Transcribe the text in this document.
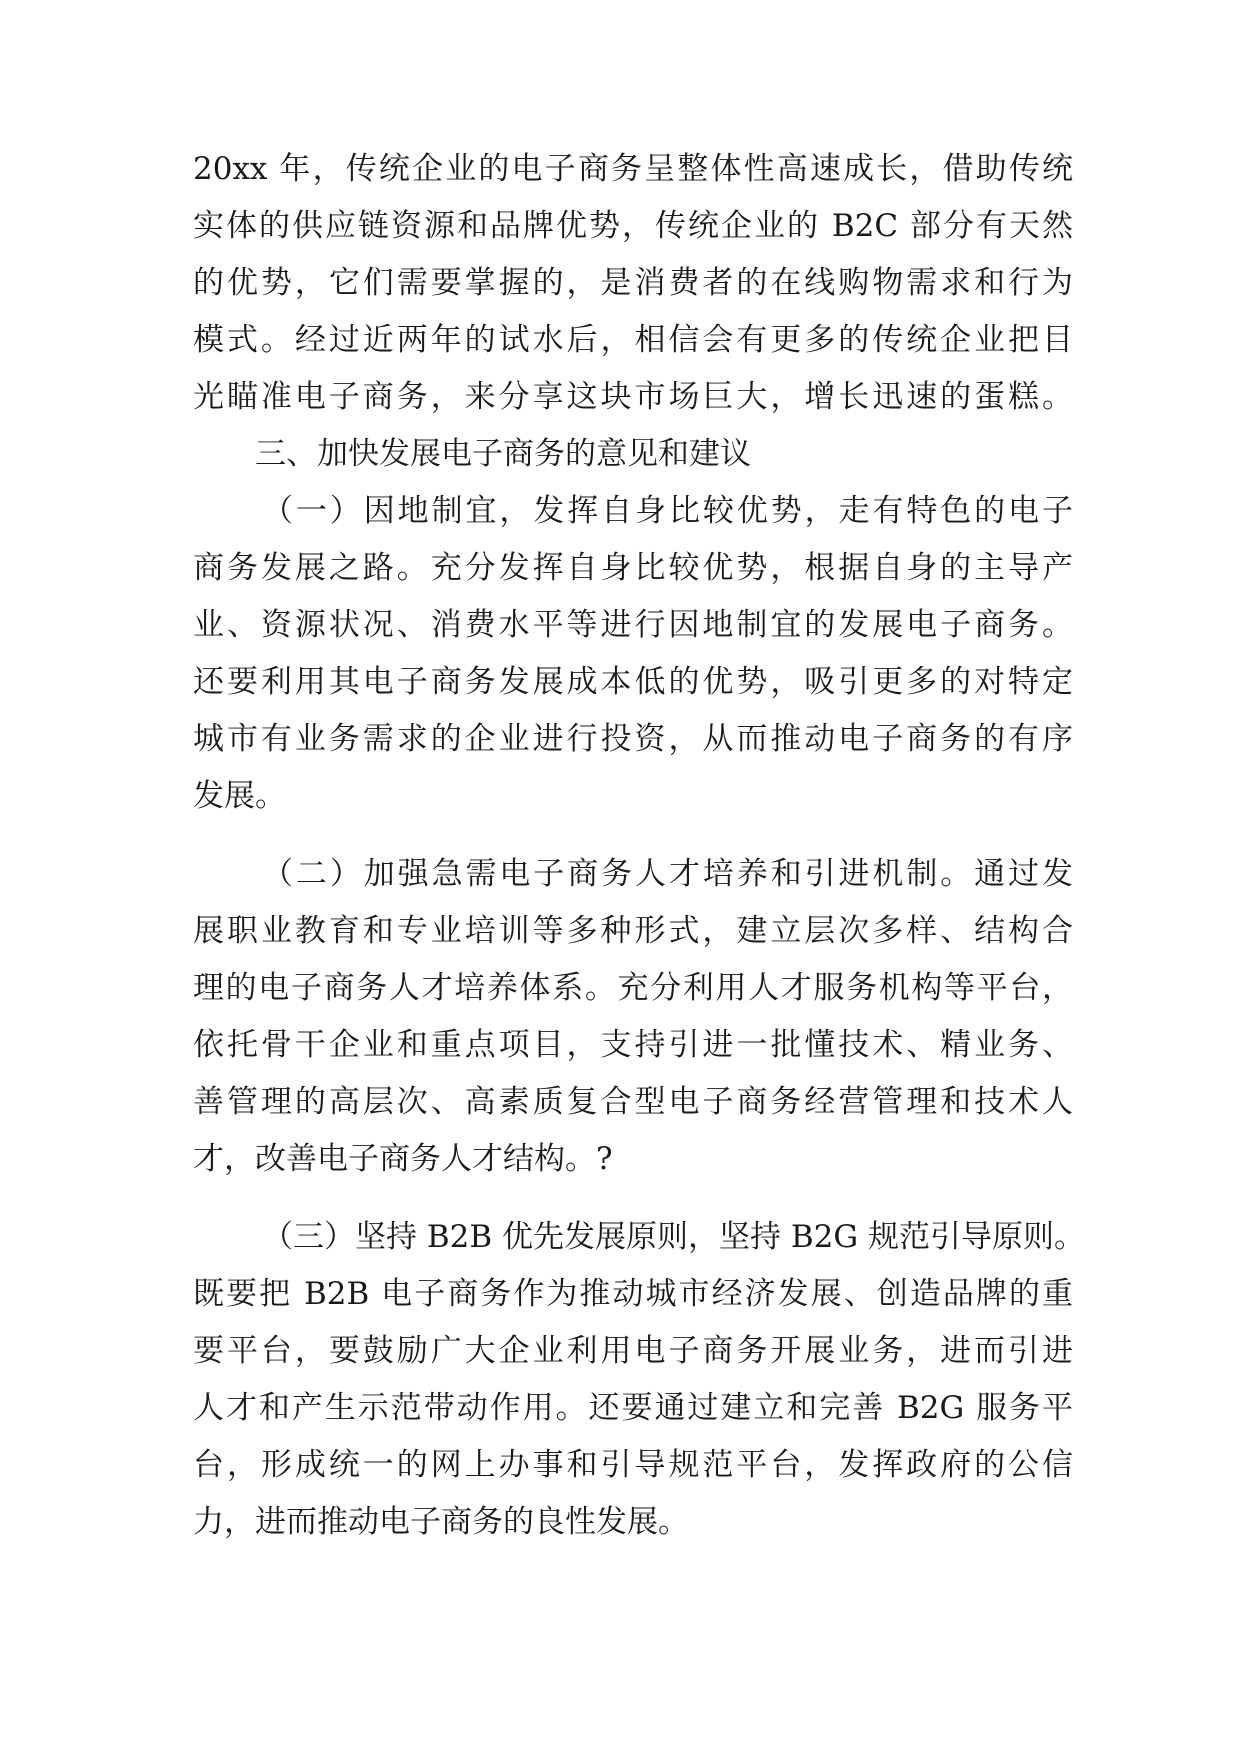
20xx 年，传统企业的电子商务呈整体性高速成长，借助传统
实体的供应链资源和品牌优势，传统企业的 B2C 部分有天然
的优势，它们需要掌握的，是消费者的在线购物需求和行为
模式。经过近两年的试水后，相信会有更多的传统企业把目
光瞄准电子商务，来分享这块市场巨大，增长迅速的蛋糕。
三、加快发展电子商务的意见和建议
（一）因地制宜，发挥自身比较优势，走有特色的电子
商务发展之路。充分发挥自身比较优势，根据自身的主导产
业、资源状况、消费水平等进行因地制宜的发展电子商务。
还要利用其电子商务发展成本低的优势，吸引更多的对特定
城市有业务需求的企业进行投资，从而推动电子商务的有序
发展。
（二）加强急需电子商务人才培养和引进机制。通过发
展职业教育和专业培训等多种形式，建立层次多样、结构合
理的电子商务人才培养体系。充分利用人才服务机构等平台，
依托骨干企业和重点项目，支持引进一批懂技术、精业务、
善管理的高层次、高素质复合型电子商务经营管理和技术人
才，改善电子商务人才结构。?
（三）坚持 B2B 优先发展原则，坚持 B2G 规范引导原则。
既要把 B2B 电子商务作为推动城市经济发展、创造品牌的重
要平台，要鼓励广大企业利用电子商务开展业务，进而引进
人才和产生示范带动作用。还要通过建立和完善 B2G 服务平
台，形成统一的网上办事和引导规范平台，发挥政府的公信
力，进而推动电子商务的良性发展。
